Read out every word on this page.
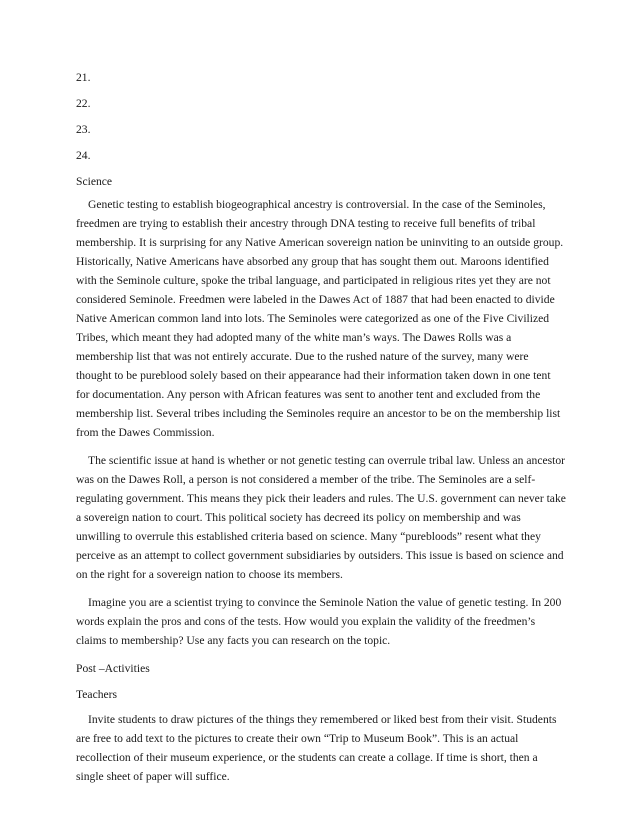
21.
22.
23.
24.
Science

Genetic testing to establish biogeographical ancestry is controversial. In the case of the Seminoles, freedmen are trying to establish their ancestry through DNA testing to receive full benefits of tribal membership. It is surprising for any Native American sovereign nation be uninviting to an outside group. Historically, Native Americans have absorbed any group that has sought them out. Maroons identified with the Seminole culture, spoke the tribal language, and participated in religious rites yet they are not considered Seminole. Freedmen were labeled in the Dawes Act of 1887 that had been enacted to divide Native American common land into lots. The Seminoles were categorized as one of the Five Civilized Tribes, which meant they had adopted many of the white man’s ways. The Dawes Rolls was a membership list that was not entirely accurate. Due to the rushed nature of the survey, many were thought to be pureblood solely based on their appearance had their information taken down in one tent for documentation. Any person with African features was sent to another tent and excluded from the membership list. Several tribes including the Seminoles require an ancestor to be on the membership list from the Dawes Commission.

The scientific issue at hand is whether or not genetic testing can overrule tribal law. Unless an ancestor was on the Dawes Roll, a person is not considered a member of the tribe. The Seminoles are a self-regulating government. This means they pick their leaders and rules. The U.S. government can never take a sovereign nation to court. This political society has decreed its policy on membership and was unwilling to overrule this established criteria based on science. Many “purebloods” resent what they perceive as an attempt to collect government subsidiaries by outsiders. This issue is based on science and on the right for a sovereign nation to choose its members.

Imagine you are a scientist trying to convince the Seminole Nation the value of genetic testing. In 200 words explain the pros and cons of the tests. How would you explain the validity of the freedmen’s claims to membership? Use any facts you can research on the topic.

Post –Activities
Teachers

Invite students to draw pictures of the things they remembered or liked best from their visit. Students are free to add text to the pictures to create their own “Trip to Museum Book”. This is an actual recollection of their museum experience, or the students can create a collage. If time is short, then a single sheet of paper will suffice.
